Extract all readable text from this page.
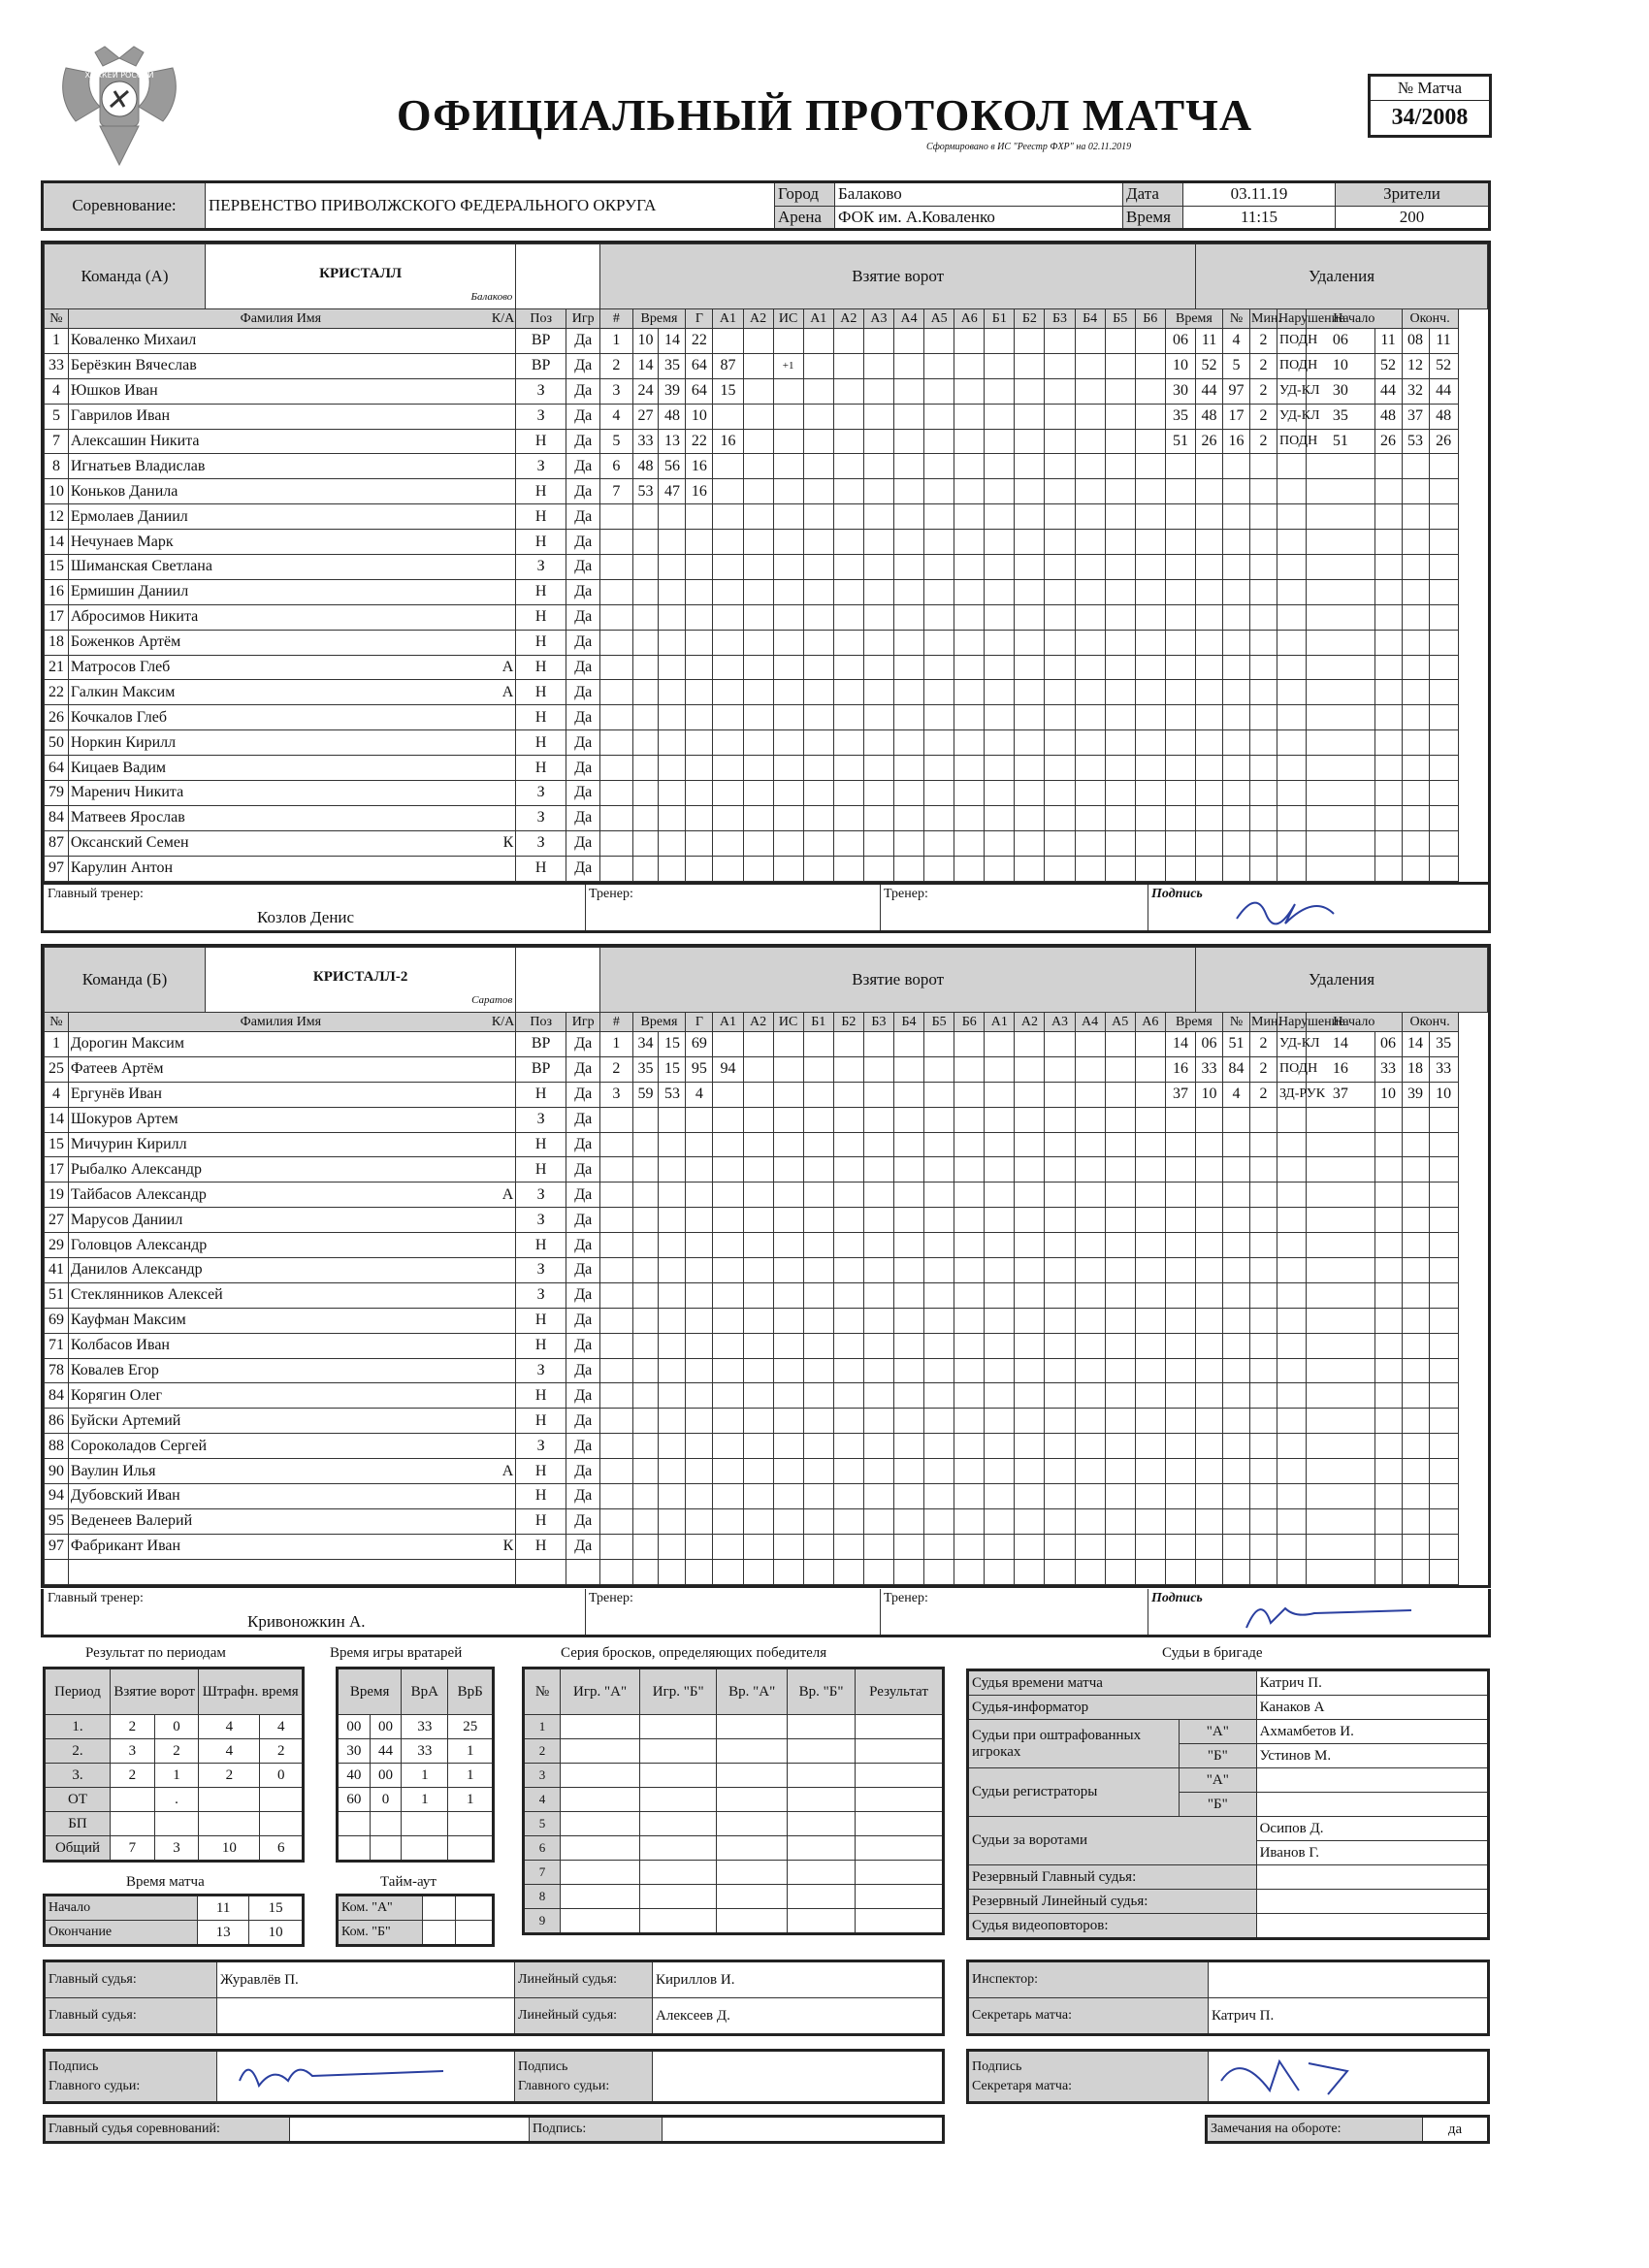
ХОККЕЙ РОССИИ
ОФИЦИАЛЬНЫЙ ПРОТОКОЛ МАТЧА
Сформировано в ИС "Реестр ФХР" на 02.11.2019
№ Матча
34/2008
Соревнование:	ПЕРВЕНСТВО ПРИВОЛЖСКОГО ФЕДЕРАЛЬНОГО ОКРУГА	Город	Балаково	Дата	03.11.19	Зрители
		Арена	ФОК им. А.Коваленко	Время	11:15	200
Команда (А) КРИСТАЛЛ
Балаково				Взятие ворот																				Удаления							
№	Фамилия Имя К/А	Поз	Игр	#	Время		Г	А1	А2	ИС	А1	А2	А3	А4	А5	А6	Б1	Б2	Б3	Б4	Б5	Б6	Время		№	Мин.	Нарушение	Начало		Оконч.	
1	Коваленко Михаил	ВР	Да	1	10	14	22																06	11	4	2	ПОДН	06	11	08	11
33	Берёзкин Вячеслав	ВР	Да	2	14	35	64	87		+1													10	52	5	2	ПОДН	10	52	12	52
4	Юшков Иван	З	Да	3	24	39	64	15															30	44	97	2	УД-КЛ	30	44	32	44
5	Гаврилов Иван	З	Да	4	27	48	10																35	48	17	2	УД-КЛ	35	48	37	48
7	Алексашин Никита	Н	Да	5	33	13	22	16															51	26	16	2	ПОДН	51	26	53	26
8	Игнатьев Владислав	З	Да	6	48	56	16																								
10	Коньков Данила	Н	Да	7	53	47	16																								
12	Ермолаев Даниил	Н	Да																												
14	Нечунаев Марк	Н	Да																												
15	Шиманская Светлана	З	Да																												
16	Ермишин Даниил	Н	Да																												
17	Абросимов Никита	Н	Да																												
18	Боженков Артём	Н	Да																												
21	Матросов Глеб А	Н	Да																												
22	Галкин Максим А	Н	Да																												
26	Кочкалов Глеб	Н	Да																												
50	Норкин Кирилл	Н	Да																												
64	Кицаев Вадим	Н	Да																												
79	Маренич Никита	З	Да																												
84	Матвеев Ярослав	З	Да																												
87	Оксанский Семен К	З	Да																												
97	Карулин Антон	Н	Да																												
Главный тренер:
Козлов Денис
Тренер:	Тренер:	Подпись
Команда (Б) КРИСТАЛЛ-2
Саратов				Взятие ворот																				Удаления							
№	Фамилия Имя К/А	Поз	Игр	#	Время		Г	А1	А2	ИС	Б1	Б2	Б3	Б4	Б5	Б6	А1	А2	А3	А4	А5	А6	Время		№	Мин.	Нарушение	Начало		Оконч.	
1	Дорогин Максим	ВР	Да	1	34	15	69																14	06	51	2	УД-КЛ	14	06	14	35
25	Фатеев Артём	ВР	Да	2	35	15	95	94															16	33	84	2	ПОДН	16	33	18	33
4	Ергунёв Иван	Н	Да	3	59	53	4																37	10	4	2	ЗД-РУК	37	10	39	10
14	Шокуров Артем	З	Да																												
15	Мичурин Кирилл	Н	Да																												
17	Рыбалко Александр	Н	Да																												
19	Тайбасов Александр А	З	Да																												
27	Марусов Даниил	З	Да																												
29	Головцов Александр	Н	Да																												
41	Данилов Александр	З	Да																												
51	Стеклянников Алексей	З	Да																												
69	Кауфман Максим	Н	Да																												
71	Колбасов Иван	Н	Да																												
78	Ковалев Егор	З	Да																												
84	Корягин Олег	Н	Да																												
86	Буйски Артемий	Н	Да																												
88	Сороколадов Сергей	З	Да																												
90	Ваулин Илья А	Н	Да																												
94	Дубовский Иван	Н	Да																												
95	Веденеев Валерий	Н	Да																												
97	Фабрикант Иван К	Н	Да																												

Главный тренер:
Кривоножкин А.
Тренер:	Тренер:	Подпись
Результат по периодам
Период	Взятие ворот		Штрафн. время	
1.	2	0	4	4
2.	3	2	4	2
3.	2	1	2	0
ОТ		.		
БП				
Общий	7	3	10	6
Время игры вратарей
Время		ВрА	ВрБ
00	00	33	25
30	44	33	1
40	00	1	1
60	0	1	1

Время матча
Начало	11	15
Окончание	13	10
Тайм-аут
Ком. "А"		
Ком. "Б"		
Серия бросков, определяющих победителя
№	Игр. "А"	Игр. "Б"	Вр. "А"	Вр. "Б"	Результат
1					
2					
3					
4					
5					
6					
7					
8					
9					
Судьи в бригаде
Судья времени матча		Катрич П.
Судья-информатор		Канаков А
Судьи при оштрафованных игроках	"А"	Ахмамбетов И.
	"Б"	Устинов М.
Судьи регистраторы	"А"	
	"Б"	
Судьи за воротами		Осипов Д.
		Иванов Г.
Резервный Главный судья:		
Резервный Линейный судья:		
Судья видеоповторов:		
Главный судья:	Журавлёв П.	Линейный судья:	Кириллов И.
Главный судья:		Линейный судья:	Алексеев Д.
Инспектор:	
Секретарь матча:	Катрич П.
Подпись
Главного судьи:		Подпись
Главного судьи:	
Подпись
Секретаря матча:	
Главный судья соревнований:		Подпись:		Замечания на обороте:	да
